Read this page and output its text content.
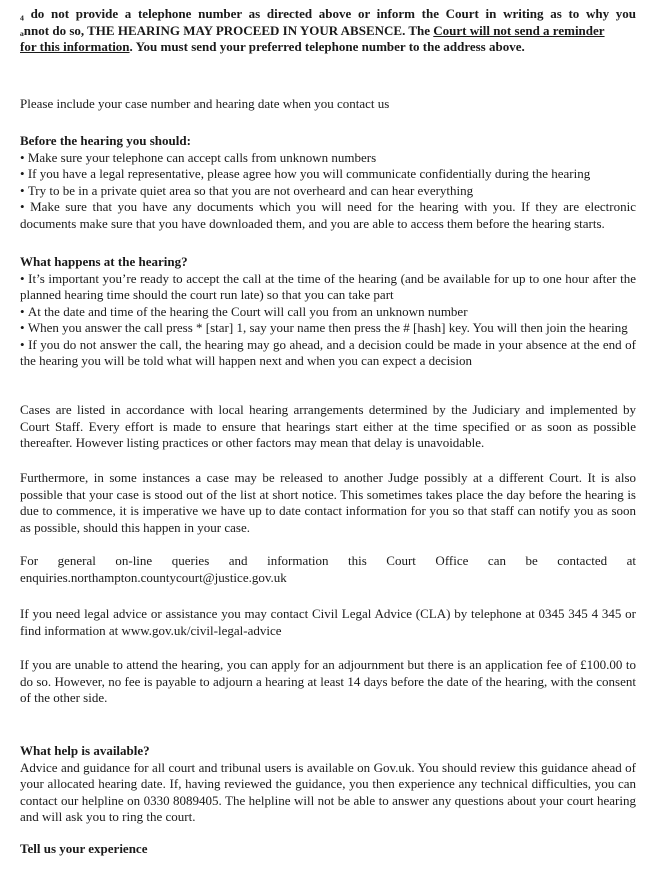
₄ do not provide a telephone number as directed above or inform the Court in writing as to why you
ₐnnot do so, THE HEARING MAY PROCEED IN YOUR ABSENCE. The Court will not send a reminder
for this information. You must send your preferred telephone number to the address above.

Please include your case number and hearing date when you contact us

Before the hearing you should:
• Make sure your telephone can accept calls from unknown numbers
• If you have a legal representative, please agree how you will communicate confidentially during the hearing
• Try to be in a private quiet area so that you are not overheard and can hear everything
• Make sure that you have any documents which you will need for the hearing with you. If they are electronic documents make sure that you have downloaded them, and you are able to access them before the hearing starts.
What happens at the hearing?
• It’s important you’re ready to accept the call at the time of the hearing (and be available for up to one hour after the planned hearing time should the court run late) so that you can take part
• At the date and time of the hearing the Court will call you from an unknown number
• When you answer the call press * [star] 1, say your name then press the # [hash] key. You will then join the hearing
• If you do not answer the call, the hearing may go ahead, and a decision could be made in your absence at the end of the hearing you will be told what will happen next and when you can expect a decision

Cases are listed in accordance with local hearing arrangements determined by the Judiciary and implemented by Court Staff. Every effort is made to ensure that hearings start either at the time specified or as soon as possible thereafter. However listing practices or other factors may mean that delay is unavoidable.

Furthermore, in some instances a case may be released to another Judge possibly at a different Court. It is also possible that your case is stood out of the list at short notice. This sometimes takes place the day before the hearing is due to commence, it is imperative we have up to date contact information for you so that staff can notify you as soon as possible, should this happen in your case.

For general on-line queries and information this Court Office can be contacted at
enquiries.northampton.countycourt@justice.gov.uk

If you need legal advice or assistance you may contact Civil Legal Advice (CLA) by telephone at 0345 345 4 345 or find information at www.gov.uk/civil-legal-advice

If you are unable to attend the hearing, you can apply for an adjournment but there is an application fee of £100.00 to do so. However, no fee is payable to adjourn a hearing at least 14 days before the date of the hearing, with the consent of the other side.

What help is available?
Advice and guidance for all court and tribunal users is available on Gov.uk. You should review this guidance ahead of your allocated hearing date. If, having reviewed the guidance, you then experience any technical difficulties, you can contact our helpline on 0330 8089405. The helpline will not be able to answer any questions about your court hearing and will ask you to ring the court.

Tell us your experience
